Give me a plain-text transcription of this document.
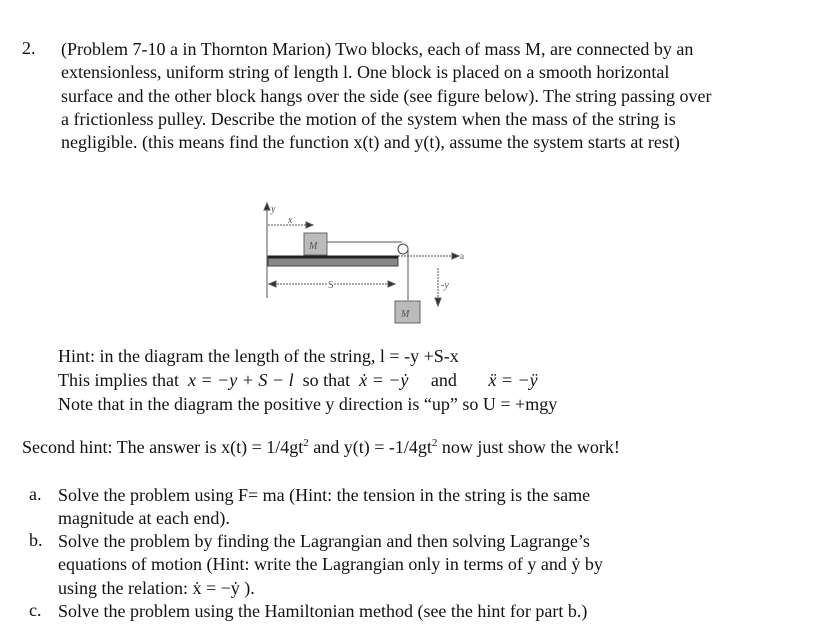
2. (Problem 7-10 a in Thornton Marion) Two blocks, each of mass M, are connected by an
extensionless, uniform string of length l. One block is placed on a smooth horizontal
surface and the other block hangs over the side (see figure below). The string passing over
a frictionless pulley. Describe the motion of the system when the mass of the string is
negligible. (this means find the function x(t) and y(t), assume the system starts at rest)
M
M
y
x
a
S	-y
Hint: in the diagram the length of the string, l = -y +S-x
This implies that x = −y + S − l so that ẋ = −ẏ and ẍ = −ÿ
Note that in the diagram the positive y direction is “up” so U = +mgy
Second hint: The answer is $x(t) = 1/4gt^2$ and $y(t) = -1/4gt^2$ now just show the work!
a. Solve the problem using F= ma (Hint: the tension in the string is the same
magnitude at each end).
b. Solve the problem by finding the Lagrangian and then solving Lagrange’s
equations of motion (Hint: write the Lagrangian only in terms of y and ẏ by
using the relation: ẋ = −ẏ ).
c. Solve the problem using the Hamiltonian method (see the hint for part b.)
